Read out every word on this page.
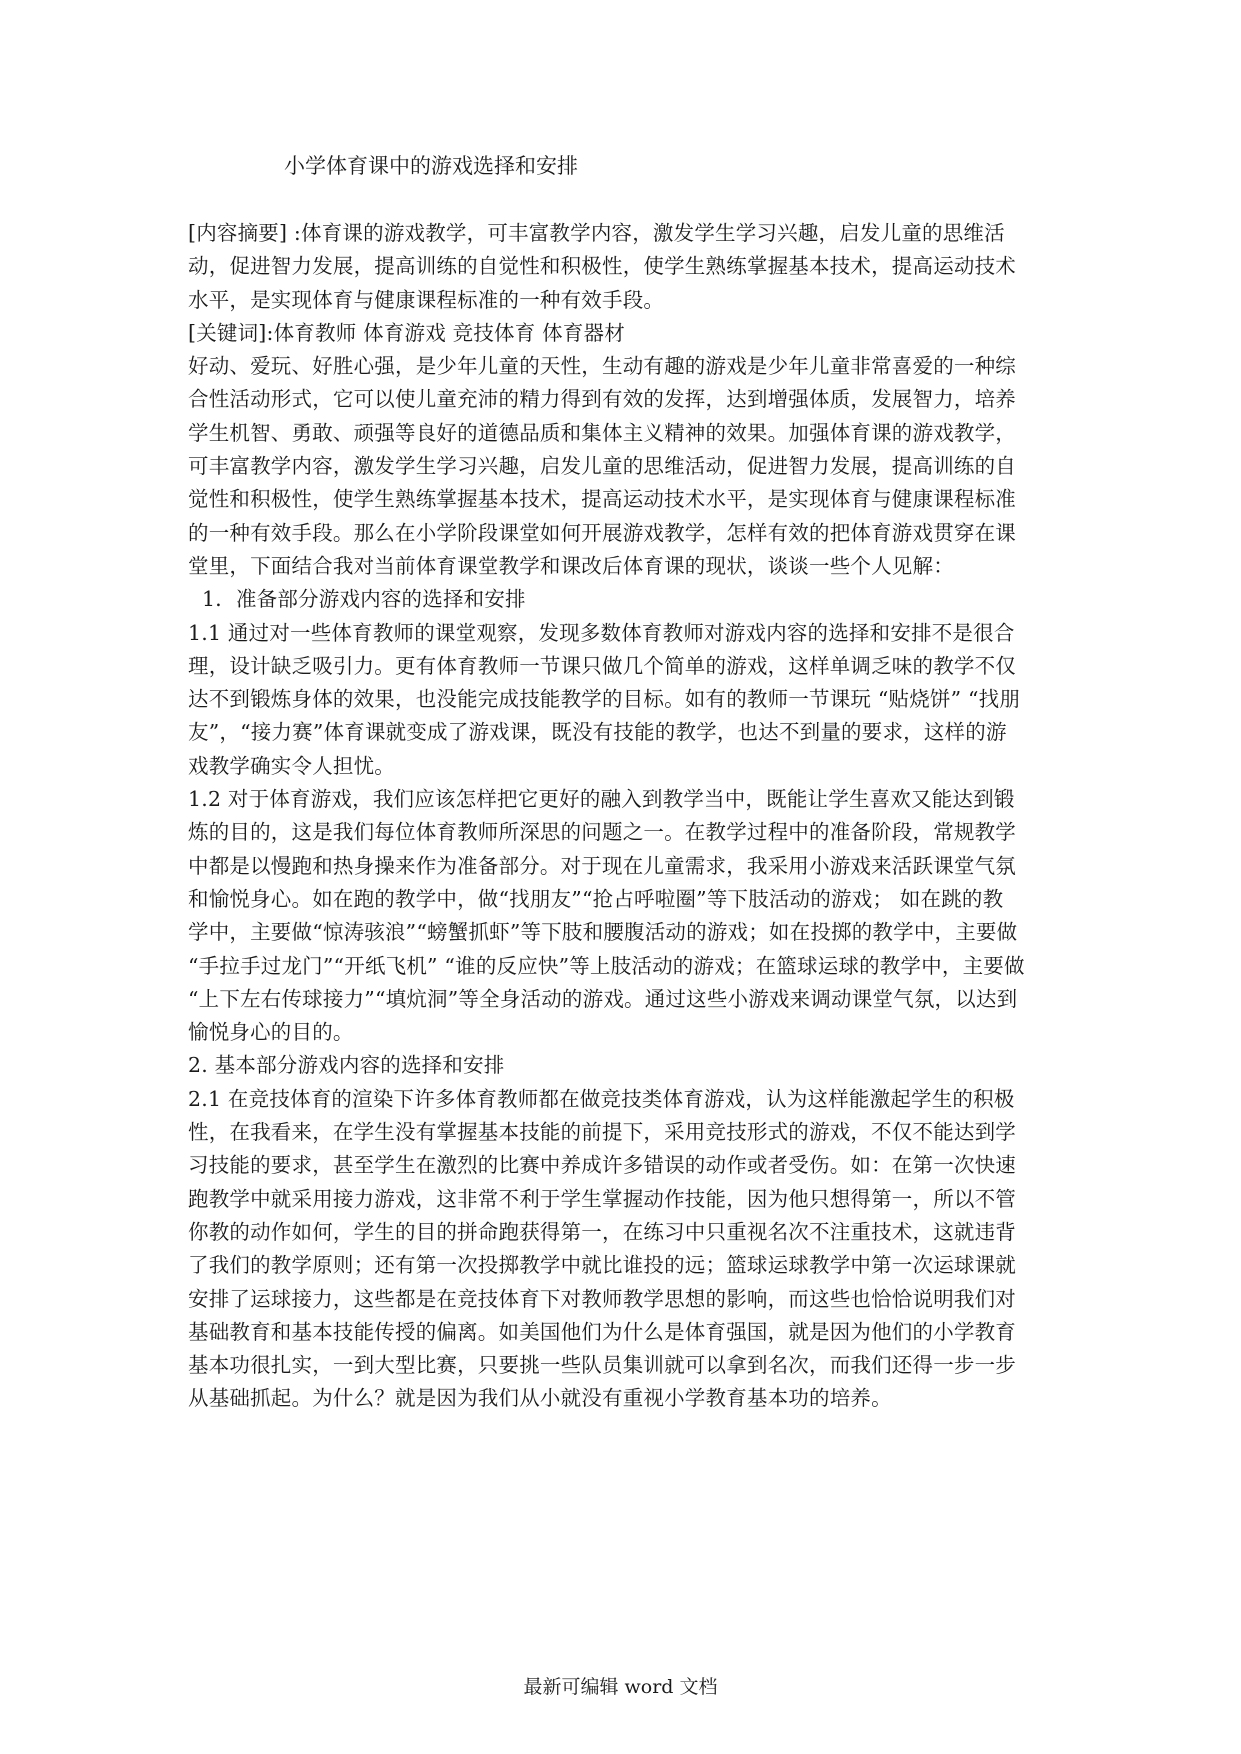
小学体育课中的游戏选择和安排
[内容摘要] :体育课的游戏教学，可丰富教学内容，激发学生学习兴趣，启发儿童的思维活
动，促进智力发展，提高训练的自觉性和积极性，使学生熟练掌握基本技术，提高运动技术
水平，是实现体育与健康课程标准的一种有效手段。
[关键词]:体育教师 体育游戏 竞技体育 体育器材
好动、爱玩、好胜心强，是少年儿童的天性，生动有趣的游戏是少年儿童非常喜爱的一种综
合性活动形式，它可以使儿童充沛的精力得到有效的发挥，达到增强体质，发展智力，培养
学生机智、勇敢、顽强等良好的道德品质和集体主义精神的效果。加强体育课的游戏教学，
可丰富教学内容，激发学生学习兴趣，启发儿童的思维活动，促进智力发展，提高训练的自
觉性和积极性，使学生熟练掌握基本技术，提高运动技术水平，是实现体育与健康课程标准
的一种有效手段。那么在小学阶段课堂如何开展游戏教学，怎样有效的把体育游戏贯穿在课
堂里，下面结合我对当前体育课堂教学和课改后体育课的现状，谈谈一些个人见解：
1．准备部分游戏内容的选择和安排
1.1 通过对一些体育教师的课堂观察，发现多数体育教师对游戏内容的选择和安排不是很合
理，设计缺乏吸引力。更有体育教师一节课只做几个简单的游戏，这样单调乏味的教学不仅
达不到锻炼身体的效果，也没能完成技能教学的目标。如有的教师一节课玩 “贴烧饼” “找朋
友”，“接力赛”体育课就变成了游戏课，既没有技能的教学，也达不到量的要求，这样的游
戏教学确实令人担忧。
1.2 对于体育游戏，我们应该怎样把它更好的融入到教学当中，既能让学生喜欢又能达到锻
炼的目的，这是我们每位体育教师所深思的问题之一。在教学过程中的准备阶段，常规教学
中都是以慢跑和热身操来作为准备部分。对于现在儿童需求，我采用小游戏来活跃课堂气氛
和愉悦身心。如在跑的教学中，做“找朋友”“抢占呼啦圈”等下肢活动的游戏； 如在跳的教
学中，主要做“惊涛骇浪”“螃蟹抓虾”等下肢和腰腹活动的游戏；如在投掷的教学中，主要做
“手拉手过龙门”“开纸飞机” “谁的反应快”等上肢活动的游戏；在篮球运球的教学中，主要做
“上下左右传球接力”“填炕洞”等全身活动的游戏。通过这些小游戏来调动课堂气氛，以达到
愉悦身心的目的。
2. 基本部分游戏内容的选择和安排
2.1 在竞技体育的渲染下许多体育教师都在做竞技类体育游戏，认为这样能激起学生的积极
性，在我看来，在学生没有掌握基本技能的前提下，采用竞技形式的游戏，不仅不能达到学
习技能的要求，甚至学生在激烈的比赛中养成许多错误的动作或者受伤。如：在第一次快速
跑教学中就采用接力游戏，这非常不利于学生掌握动作技能，因为他只想得第一，所以不管
你教的动作如何，学生的目的拼命跑获得第一，在练习中只重视名次不注重技术，这就违背
了我们的教学原则；还有第一次投掷教学中就比谁投的远；篮球运球教学中第一次运球课就
安排了运球接力，这些都是在竞技体育下对教师教学思想的影响，而这些也恰恰说明我们对
基础教育和基本技能传授的偏离。如美国他们为什么是体育强国，就是因为他们的小学教育
基本功很扎实，一到大型比赛，只要挑一些队员集训就可以拿到名次，而我们还得一步一步
从基础抓起。为什么？就是因为我们从小就没有重视小学教育基本功的培养。
最新可编辑 word 文档
